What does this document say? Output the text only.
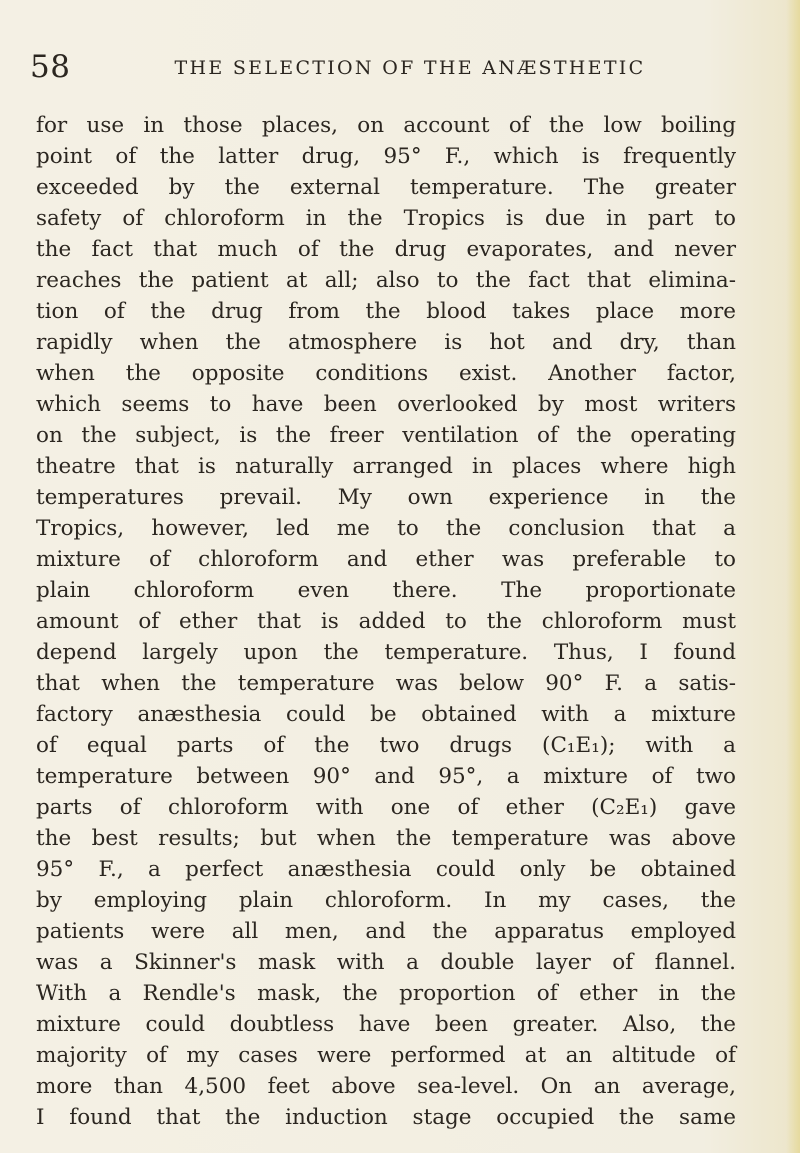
58	THE SELECTION OF THE ANÆSTHETIC
for use in those places, on account of the low boiling
point of the latter drug, 95° F., which is frequently
exceeded by the external temperature. The greater
safety of chloroform in the Tropics is due in part to
the fact that much of the drug evaporates, and never
reaches the patient at all; also to the fact that elimina-
tion of the drug from the blood takes place more
rapidly when the atmosphere is hot and dry, than
when the opposite conditions exist. Another factor,
which seems to have been overlooked by most writers
on the subject, is the freer ventilation of the operating
theatre that is naturally arranged in places where high
temperatures prevail. My own experience in the
Tropics, however, led me to the conclusion that a
mixture of chloroform and ether was preferable to
plain chloroform even there. The proportionate
amount of ether that is added to the chloroform must
depend largely upon the temperature. Thus, I found
that when the temperature was below 90° F. a satis-
factory anæsthesia could be obtained with a mixture
of equal parts of the two drugs (C₁E₁); with a
temperature between 90° and 95°, a mixture of two
parts of chloroform with one of ether (C₂E₁) gave
the best results; but when the temperature was above
95° F., a perfect anæsthesia could only be obtained
by employing plain chloroform. In my cases, the
patients were all men, and the apparatus employed
was a Skinner's mask with a double layer of flannel.
With a Rendle's mask, the proportion of ether in the
mixture could doubtless have been greater. Also, the
majority of my cases were performed at an altitude of
more than 4,500 feet above sea-level. On an average,
I found that the induction stage occupied the same
